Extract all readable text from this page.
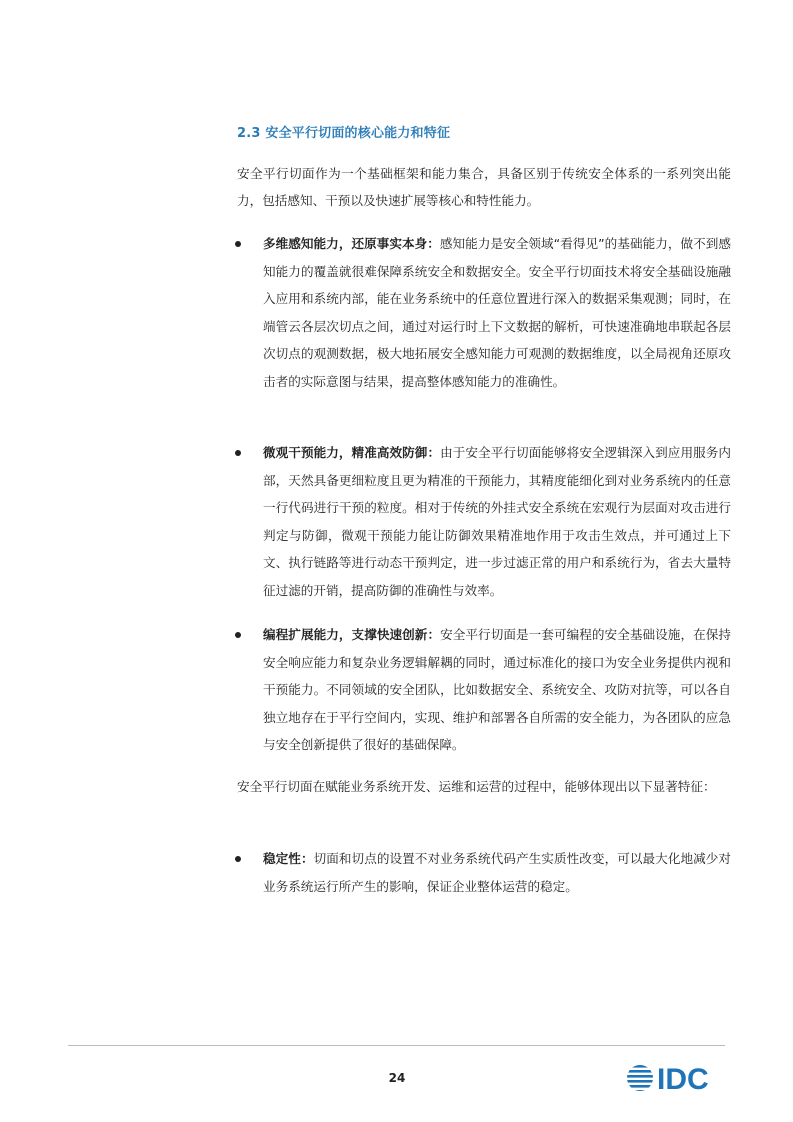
2.3 安全平行切面的核心能力和特征

安全平行切面作为一个基础框架和能力集合，具备区别于传统安全体系的一系列突出能力，包括感知、干预以及快速扩展等核心和特性能力。

多维感知能力，还原事实本身：感知能力是安全领域“看得见”的基础能力，做不到感知能力的覆盖就很难保障系统安全和数据安全。安全平行切面技术将安全基础设施融入应用和系统内部，能在业务系统中的任意位置进行深入的数据采集观测；同时，在端管云各层次切点之间，通过对运行时上下文数据的解析，可快速准确地串联起各层次切点的观测数据，极大地拓展安全感知能力可观测的数据维度，以全局视角还原攻击者的实际意图与结果，提高整体感知能力的准确性。
微观干预能力，精准高效防御：由于安全平行切面能够将安全逻辑深入到应用服务内部，天然具备更细粒度且更为精准的干预能力，其精度能细化到对业务系统内的任意一行代码进行干预的粒度。相对于传统的外挂式安全系统在宏观行为层面对攻击进行判定与防御，微观干预能力能让防御效果精准地作用于攻击生效点，并可通过上下文、执行链路等进行动态干预判定，进一步过滤正常的用户和系统行为，省去大量特征过滤的开销，提高防御的准确性与效率。
编程扩展能力，支撑快速创新：安全平行切面是一套可编程的安全基础设施，在保持安全响应能力和复杂业务逻辑解耦的同时，通过标准化的接口为安全业务提供内视和干预能力。不同领域的安全团队，比如数据安全、系统安全、攻防对抗等，可以各自独立地存在于平行空间内，实现、维护和部署各自所需的安全能力，为各团队的应急与安全创新提供了很好的基础保障。

安全平行切面在赋能业务系统开发、运维和运营的过程中，能够体现出以下显著特征：

稳定性：切面和切点的设置不对业务系统代码产生实质性改变，可以最大化地减少对业务系统运行所产生的影响，保证企业整体运营的稳定。
24	IDC
